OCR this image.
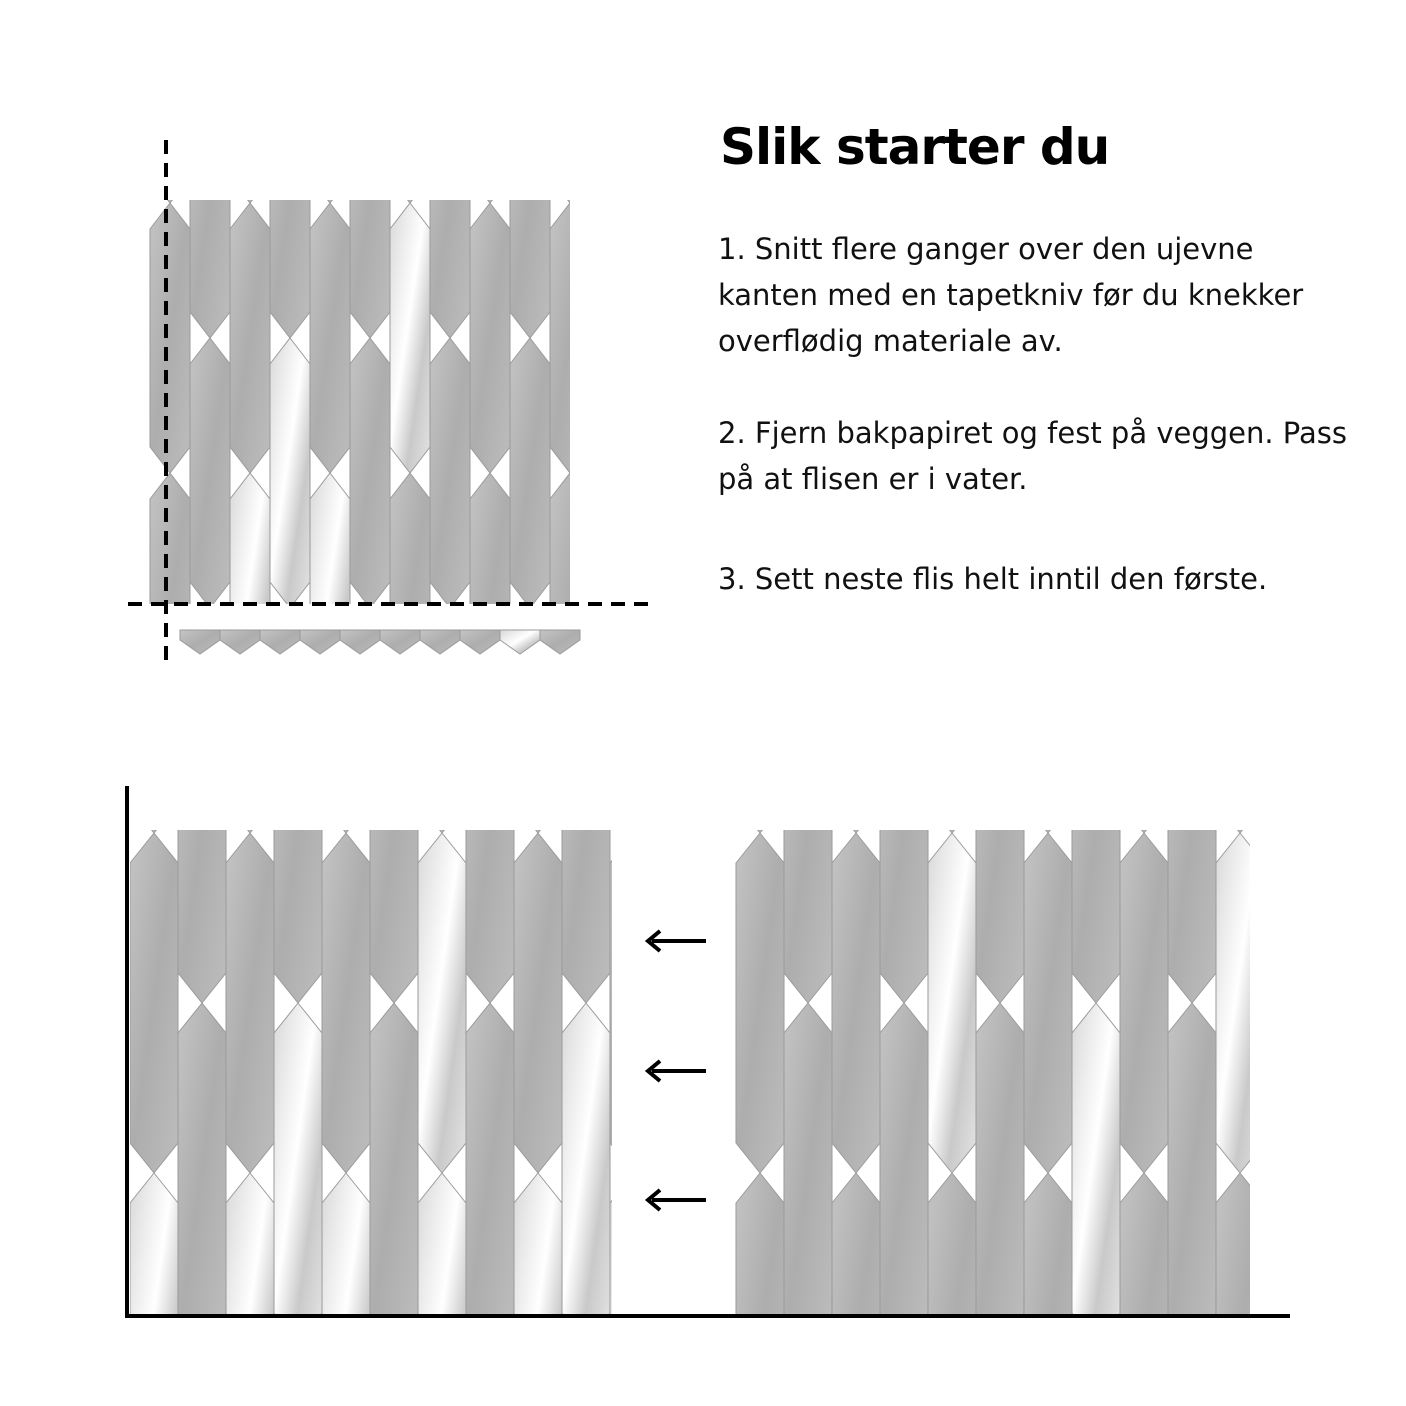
Slik starter du

1. Snitt flere ganger over den ujevne kanten med en tapetkniv før du knekker overflødig materiale av.

2. Fjern bakpapiret og fest på veggen. Pass på at flisen er i vater.

3. Sett neste flis helt inntil den første.
